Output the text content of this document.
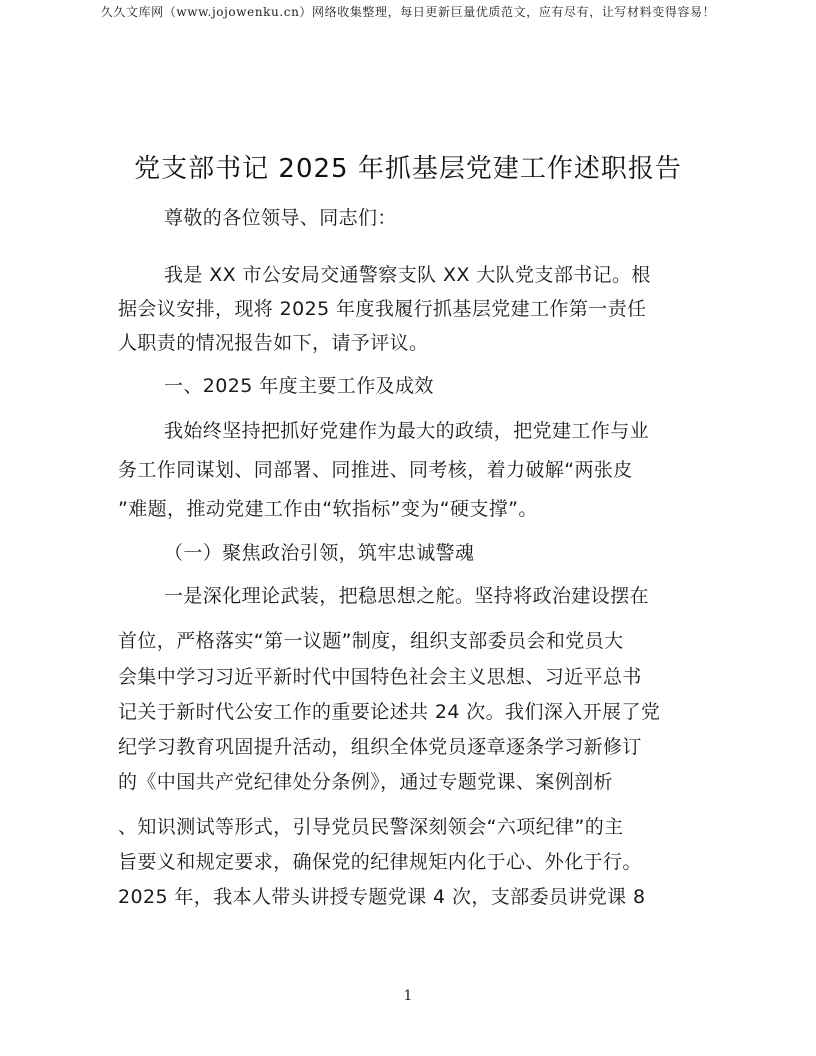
久久文库网（www.jojowenku.cn）网络收集整理，每日更新巨量优质范文，应有尽有，让写材料变得容易！
党支部书记 2025 年抓基层党建工作述职报告
尊敬的各位领导、同志们：
我是 XX 市公安局交通警察支队 XX 大队党支部书记。根
据会议安排，现将 2025 年度我履行抓基层党建工作第一责任
人职责的情况报告如下，请予评议。
一、2025 年度主要工作及成效
我始终坚持把抓好党建作为最大的政绩，把党建工作与业
务工作同谋划、同部署、同推进、同考核，着力破解“两张皮
”难题，推动党建工作由“软指标”变为“硬支撑”。
（一）聚焦政治引领，筑牢忠诚警魂
一是深化理论武装，把稳思想之舵。坚持将政治建设摆在
首位，严格落实“第一议题”制度，组织支部委员会和党员大
会集中学习习近平新时代中国特色社会主义思想、习近平总书
记关于新时代公安工作的重要论述共 24 次。我们深入开展了党
纪学习教育巩固提升活动，组织全体党员逐章逐条学习新修订
的《中国共产党纪律处分条例》，通过专题党课、案例剖析
、知识测试等形式，引导党员民警深刻领会“六项纪律”的主
旨要义和规定要求，确保党的纪律规矩内化于心、外化于行。
2025 年，我本人带头讲授专题党课 4 次，支部委员讲党课 8
1
